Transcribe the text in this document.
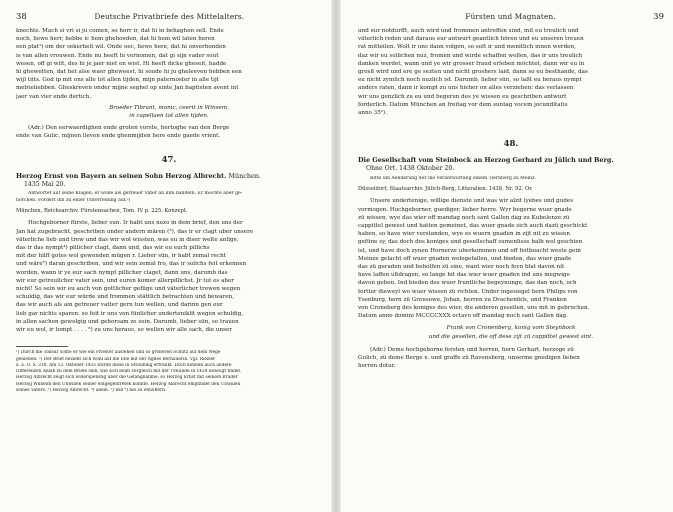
38	Deutsche Privatbriefe des Mittelalters.
knechte. Mach si vri si ju comen, so horr ir, dat hi in behaghen sell. Ende
noch, liewe herr, hebbe ic hem ghehoeden, dat hi hem wil laten heren
een plat¹) om der sekerheit wil. Onde oec, liewe here, dat hi onverbonden
is van allen vrouwen. Ende nu heeft hi vernomen, dat gi sijn vader sout
wesen, off gi wilt, des hi je jaer niet en wist. Hi heeft dicke gheseit, hadde
hi ghewetten, dat het alse waer gheweest, hi soude hi ju gheleeven hebben een
wijl tiits. God ip mit ons alle tot allen tijden, mijn paternoster in alle tijt
mebteliebben. Gheskreven onder mijne seghel op sinte Jan baptisten avent int
jaer van vier ende dertich.
Broeder Tibrant, monic, ceerit in Winsem,
in capellaen tot allen tijden.
(Adr.) Den eerwaerdighen ende groten vorste, hertoghe van den Berge
ende van Gulic, mijnen lieven ende ghenmijden here ende gaede vrient.
47.
Herzog Ernst von Bayern an seinen Sohn Herzog Albrecht. München.
1435 Mai 20.
Antwortet auf seine Klagen, er wolle als getreuer Vater an ihm handeln. Er möchte aber ge-
horchen. Fordert ihn zu einer Unterredung auf.²)
München, Reichsarchiv. Fürstensachen, Tom. IV p. 225. Konzept.
Hochgeborner fürste, lieber sun. Ir habt uns nezo in dem brief, den uns der
Jan hat zugebracht, geschriben under andern mären (³), das ir er clagt uber unsere
väterliche lieb und trew und das wir wol wissten, was eu in diser welte anlige,
das ir das nympt⁴) pillicher clagt, dann und, das wir eu euch pillichs
mit der hilff gotes wol gewenden mügen r. Lieber sün, ir habt zemal recht
und wäre⁵) daran geschriben, und wir sein zemal fro, das ir solichs feit erkennen
worden, wann ir ye eur sach nympt pillicher claget, dann uns, darumb das
wir eur getreulicher vater sein, und euren komer allerpillichst. Jr tut es aber
nicht! So sein wir eu auch von gottlicher gefüge und väterlicher trewen wegen
schuldig, das wir eur würde und frommen stättlich betrachten und bewaren,
das wir auch als ain getreuer vatter gern tun wellen, und darinn gen eur
lieb gar nichts sparen: so feit ir uns von fünlicher underteniklit wegen schuldig,
in allen sachen gewolgig und gehorsam ze sein. Darumb, lieber sün, so trauen
wir eu wol, ir tompt . . . . ⁶) zu uns heraus, so wellen wir alle sach, die unser
¹) Durch die Tonsur sollte er wie ein Priester ausfehen und so größeren Schutz auf dem Wege
genießen. ²) Der Brief bezieht sich wohl auf die Ehe mit der Agnes Bernauerin. Vgl. Riezler
a. a. O. S. 318. Am 12. Oktober 1435 wurde diese in Straubing ertränkt. Doch können auch andere
Differenzen Anlaß zu dem Briefe sein, wie sich beim Vergleich mit der Urkunde in 1428 bezeugt findet.
Herzog Albrecht zeigt sich widerspenstig über die Gefangnahme, so Herzog Ernst mit seinem Bruder
Herzog Wilhelm den Unwillen seiner entgegentreten konnte. Herzog Albrecht empfindet den Unwillen
seines Vaters. ³) Herzog Albrecht. ⁴) allein. ⁵) wiß ⁶) nie zu entziffern.
Fürsten und Magnaten.	39
und eur notdurfft, auch wird und frommen antreffen sind, mit eu treulich und
väterlich reden und daraus eur antwurt geantlich hören und eu unseren treuen
rat mitteilen. Wolt ir uns dann volgen, so solt ir und menitlich innen werden,
daz wir eu sollichen nuz, fromen und wirde schaffen wellen, das ir uns treulich
danken werdet, wann und ye wir grosser fraud erleben möchtet, dann wir eu in
grosß wird und ere ge sezten und nicht groshers laid, dann so eu besthande, das
eu nicht zymlich noch nuzlich ist. Darumb, lieber sün, so laßt eu heraus nympt
anders raten, dann ir kompt zu uns hieher on alles verziehen: das verlassen
wir uns genzlich zu eu und begeren des ye wissen eu geschriben antwurt
forderlich. Datum München an freitag vor dem suntag vocem jocunditatis
anno 35²).
48.
Die Gesellschaft vom Steinbock an Herzog Gerhard zu Jülich und Berg.
Ohne Ort. 1438 Oktober 20.
Bitte um Aenderung der die Verantwortung einem Tiernberg zu Meinz.
Düsseldorf, Staatsarchiv. Jülich-Berg, Litteralien. 1438. Nr. 92. Or.
Unsere undertenige, willige dienste und was wir alzit lyebes und gudes
vormogen. Hochgeborner, guediger, lieber herre. Wyr begerne wuer gnade
zü wissen, wye das wier off mandag noch sant Gallen dag zu Kubelenze zü
cappittel gewest und hatten gemeinet, das wuer gnade sich auch dazü geschickt
haben, so have wier verstanden, wye es wuern gnaden in zijt nit zu wissen
gefüne sy, das doch des koniges und gesellschaff sumenlisse balb wol geschien
ist, und have doch zynen Hornerze uberkommen und off feitbuacht weste gein
Meinze gelacht off wuer gnaden wolegefallen, und bieden, das wuer gnade
das zü geraden und beholfen zü sine, want wier noch feyn blat davon nit
have laffen ußdragen, so lange bit das wier wuer gnaden ind uns megwige
davon geben. Ind bieden des wuer fruntliche begeynunge, das dan noch, och
fortter dieweyl wo wuer wissen zü richten. Under ingesiegel hern Philips von
Ysenburg, hern zü Grensowe, Johan, herren zu Drachenfels, und Franken
von Croneberg des koniges des wier, die anderen gesellen, uns mit in gebruchen.
Datum anno domini MCCCCXXX octavo off mandag noch sant Gallen dag.
Frank von Cronenberg, konig vom Steynbock
und die gesellen, die off dese zijt zü cappittel gewest sint.
(Adr.) Deme hochgeborne fersten und herren, hern Gerhart, herzoge zü
Gulich, zü deme Berge x. und graffe zü Ravensberg, unserme gnedigen lieben
herren dotur.
